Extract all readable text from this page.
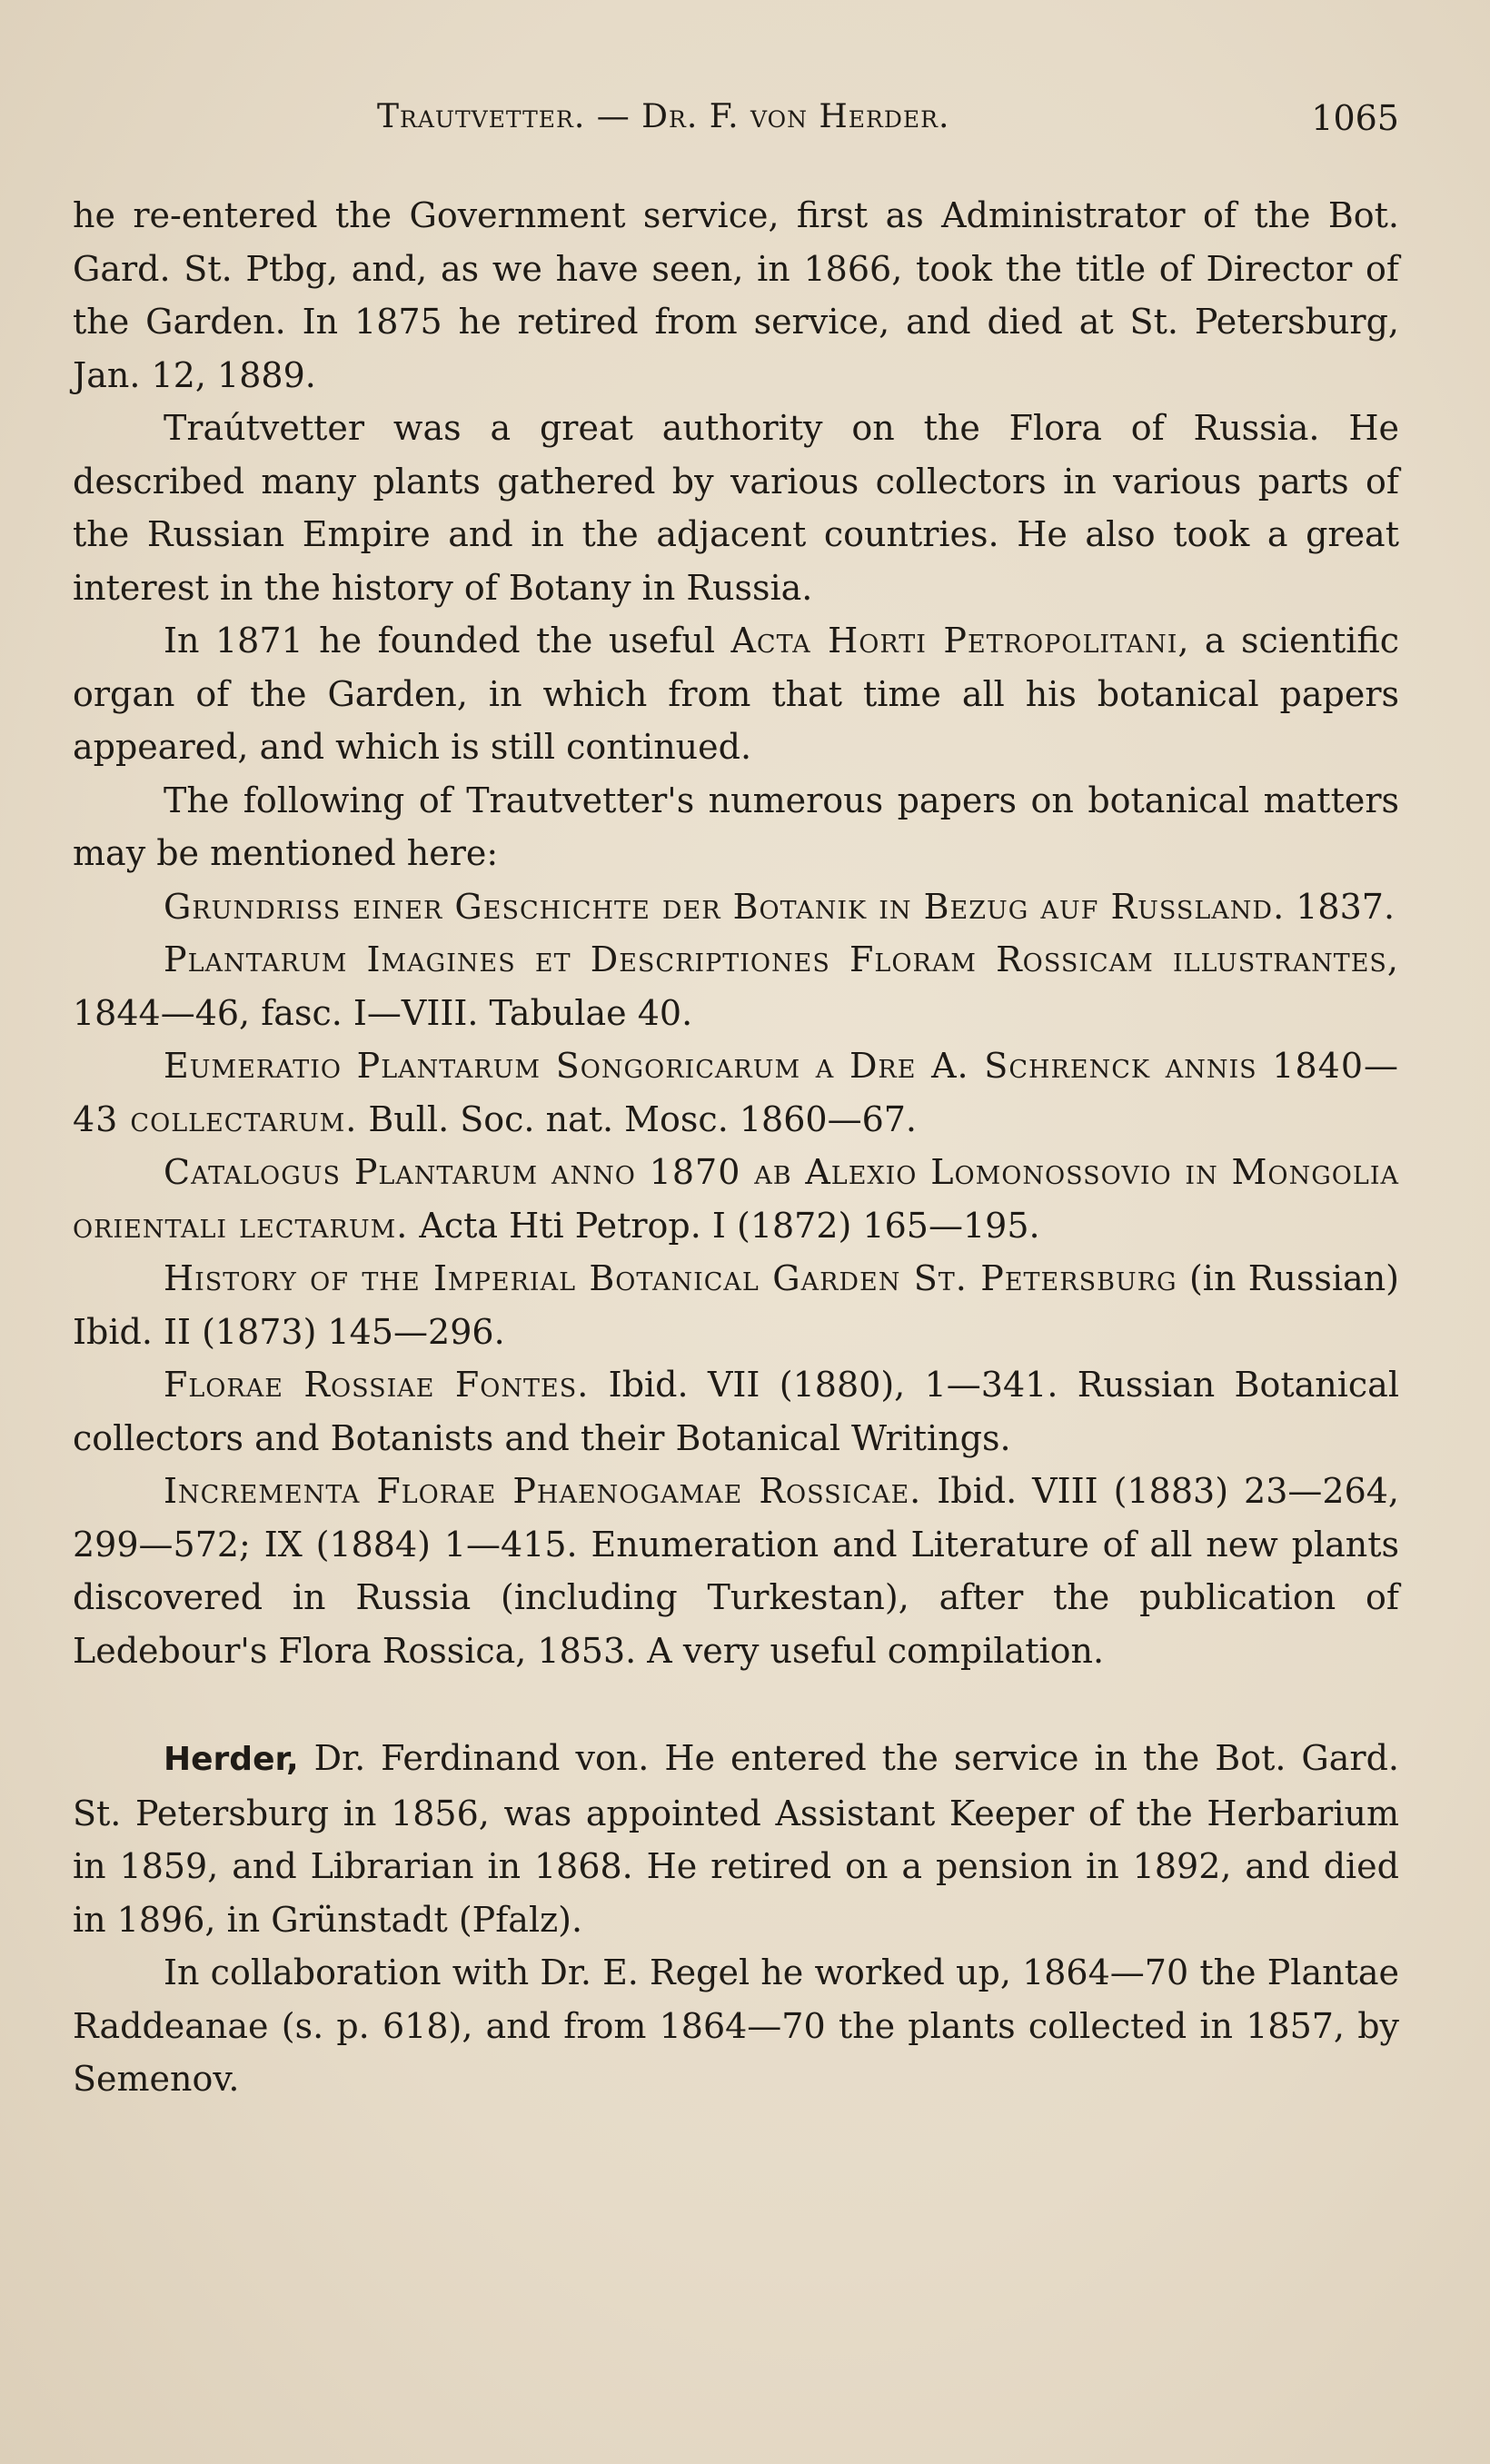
Trautvetter. — Dr. F. von Herder.	1065

he re-entered the Government service, first as Administrator of the Bot. Gard. St. Ptbg, and, as we have seen, in 1866, took the title of Director of the Garden. In 1875 he retired from service, and died at St. Petersburg, Jan. 12, 1889.

Traútvetter was a great authority on the Flora of Russia. He described many plants gathered by various collectors in various parts of the Russian Empire and in the adjacent countries. He also took a great interest in the history of Botany in Russia.

In 1871 he founded the useful Acta Horti Petropolitani, a scientific organ of the Garden, in which from that time all his botanical papers appeared, and which is still continued.

The following of Trautvetter's numerous papers on botanical matters may be mentioned here:

Grundriss einer Geschichte der Botanik in Bezug auf Russland. 1837.

Plantarum Imagines et Descriptiones Floram Rossicam illustrantes, 1844—46, fasc. I—VIII. Tabulae 40.

Eumeratio Plantarum Songoricarum a Dre A. Schrenck annis 1840—43 collectarum. Bull. Soc. nat. Mosc. 1860—67.

Catalogus Plantarum anno 1870 ab Alexio Lomonossovio in Mongolia orientali lectarum. Acta Hti Petrop. I (1872) 165—195.

History of the Imperial Botanical Garden St. Petersburg (in Russian) Ibid. II (1873) 145—296.

Florae Rossiae Fontes. Ibid. VII (1880), 1—341. Russian Botanical collectors and Botanists and their Botanical Writings.

Incrementa Florae Phaenogamae Rossicae. Ibid. VIII (1883) 23—264, 299—572; IX (1884) 1—415. Enumeration and Literature of all new plants discovered in Russia (including Turkestan), after the publication of Ledebour's Flora Rossica, 1853. A very useful compilation.

Herder, Dr. Ferdinand von. He entered the service in the Bot. Gard. St. Petersburg in 1856, was appointed Assistant Keeper of the Herbarium in 1859, and Librarian in 1868. He retired on a pension in 1892, and died in 1896, in Grünstadt (Pfalz).

In collaboration with Dr. E. Regel he worked up, 1864—70 the Plantae Raddeanae (s. p. 618), and from 1864—70 the plants collected in 1857, by Semenov.
